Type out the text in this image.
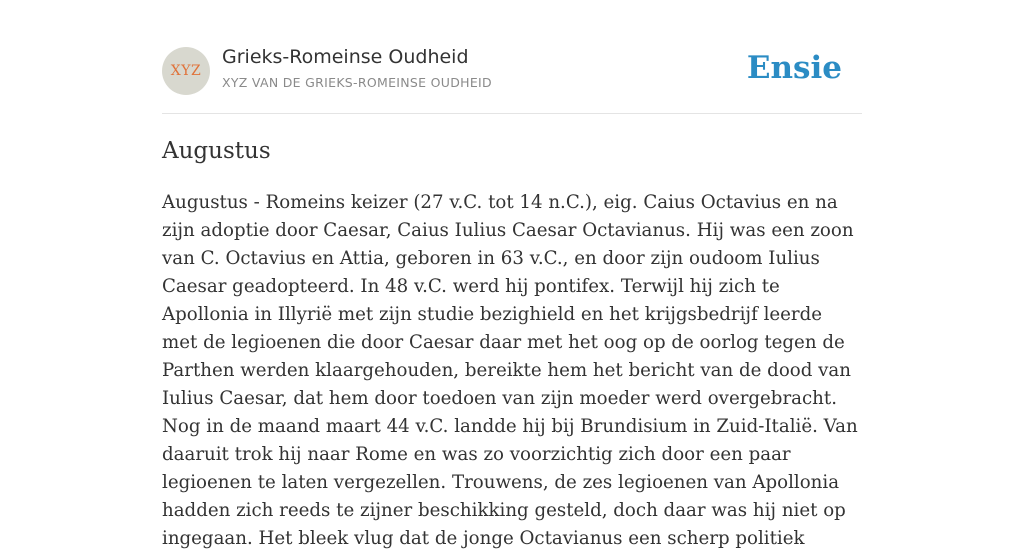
XYZ
Grieks-Romeinse Oudheid
XYZ VAN DE GRIEKS-ROMEINSE OUDHEID	Ensie
Augustus

Augustus - Romeins keizer (27 v.C. tot 14 n.C.), eig. Caius Octavius en na zijn adoptie door Caesar, Caius Iulius Caesar Octavianus. Hij was een zoon van C. Octavius en Attia, geboren in 63 v.C., en door zijn oudoom Iulius Caesar geadopteerd. In 48 v.C. werd hij pontifex. Terwijl hij zich te Apollonia in Illyrië met zijn studie bezighield en het krijgsbedrijf leerde met de legioenen die door Caesar daar met het oog op de oorlog tegen de Parthen werden klaargehouden, bereikte hem het bericht van de dood van Iulius Caesar, dat hem door toedoen van zijn moeder werd overgebracht. Nog in de maand maart 44 v.C. landde hij bij Brundisium in Zuid-Italië. Van daaruit trok hij naar Rome en was zo voorzichtig zich door een paar legioenen te laten vergezellen. Trouwens, de zes legioenen van Apollonia hadden zich reeds te zijner beschikking gesteld, doch daar was hij niet op ingegaan. Het bleek vlug dat de jonge Octavianus een scherp politiek
